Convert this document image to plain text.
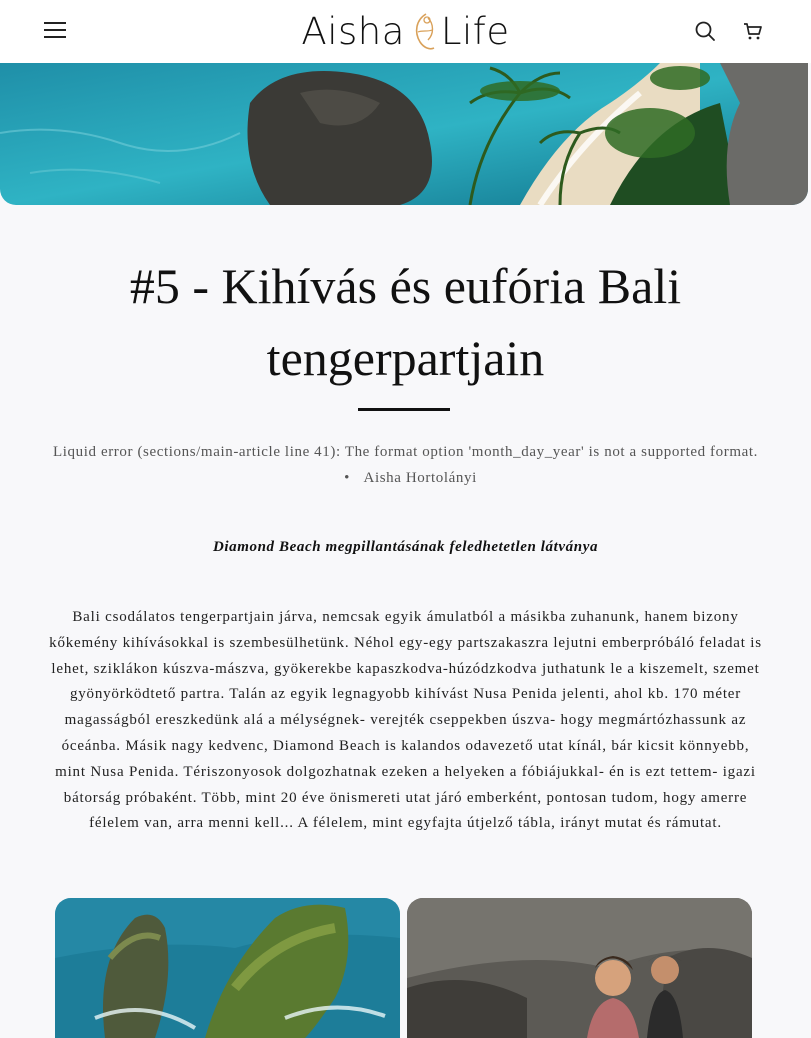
Aisha Life
#5 - Kihívás és eufória Bali tengerpartjain
Liquid error (sections/main-article line 41): The format option 'month_day_year' is not a supported format. • Aisha Hortolányi
Diamond Beach megpillantásának feledhetetlen látványa

Bali csodálatos tengerpartjain járva, nemcsak egyik ámulatból a másikba zuhanunk, hanem bizony kőkemény kihívásokkal is szembesülhetünk. Néhol egy-egy partszakaszra lejutni emberpróbáló feladat is lehet, sziklákon kúszva-mászva, gyökerekbe kapaszkodva-húzódzkodva juthatunk le a kiszemelt, szemet gyönyörködtető partra. Talán az egyik legnagyobb kihívást Nusa Penida jelenti, ahol kb. 170 méter magasságból ereszkedünk alá a mélységnek- verejték cseppekben úszva- hogy megmártózhassunk az óceánba. Másik nagy kedvenc, Diamond Beach is kalandos odavezető utat kínál, bár kicsit könnyebb, mint Nusa Penida. Tériszonyosok dolgozhatnak ezeken a helyeken a fóbiájukkal- én is ezt tettem- igazi bátorság próbaként. Több, mint 20 éve önismereti utat járó emberként, pontosan tudom, hogy amerre félelem van, arra menni kell... A félelem, mint egyfajta útjelző tábla, irányt mutat és rámutat.
